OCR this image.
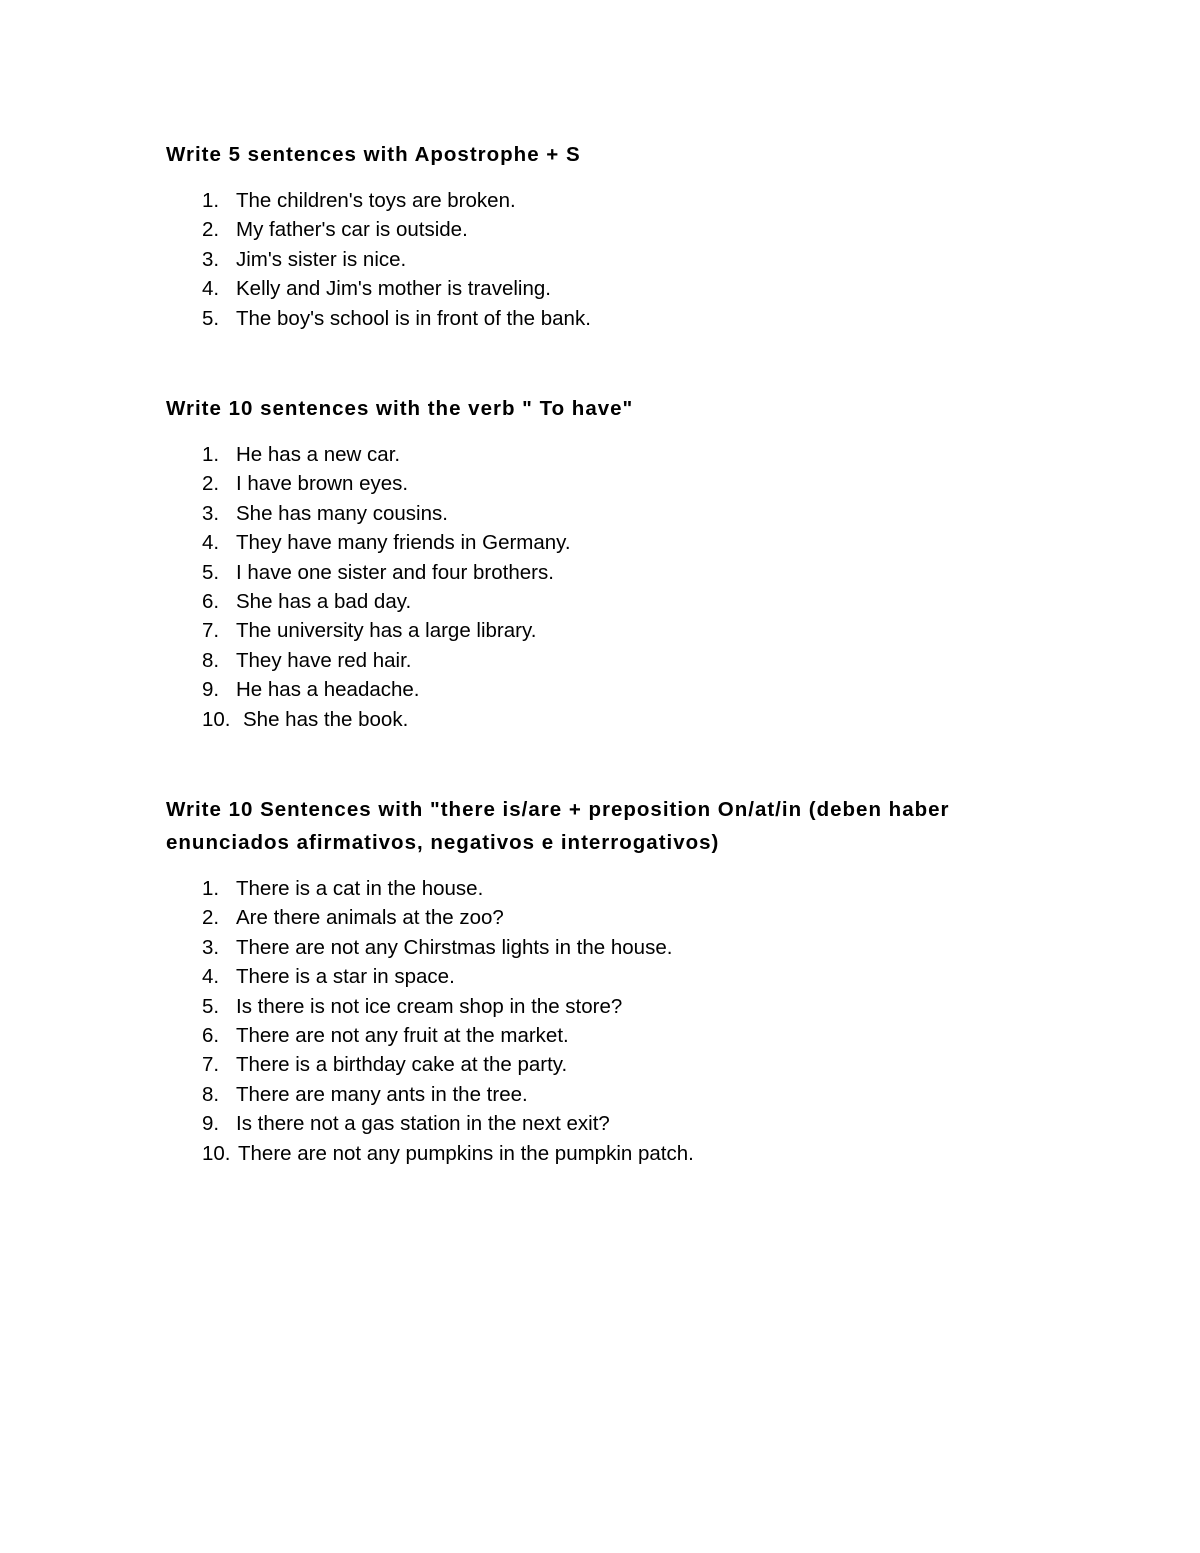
Write 5 sentences with Apostrophe + S
1. The children's toys are broken.
2. My father's car is outside.
3. Jim's sister is nice.
4. Kelly and Jim's mother is traveling.
5. The boy's school is in front of the bank.
Write 10 sentences with the verb " To have"
1. He has a new car.
2. I have brown eyes.
3. She has many cousins.
4. They have many friends in Germany.
5. I have one sister and four brothers.
6. She has a bad day.
7. The university has a large library.
8. They have red hair.
9. He has a headache.
10. She has the book.
Write 10 Sentences with "there is/are + preposition On/at/in (deben haber enunciados afirmativos, negativos e interrogativos)
1. There is a cat in the house.
2. Are there animals at the zoo?
3. There are not any Chirstmas lights in the house.
4. There is a star in space.
5. Is there is not ice cream shop in the store?
6. There are not any fruit at the market.
7. There is a birthday cake at the party.
8. There are many ants in the tree.
9. Is there not a gas station in the next exit?
10. There are not any pumpkins in the pumpkin patch.
